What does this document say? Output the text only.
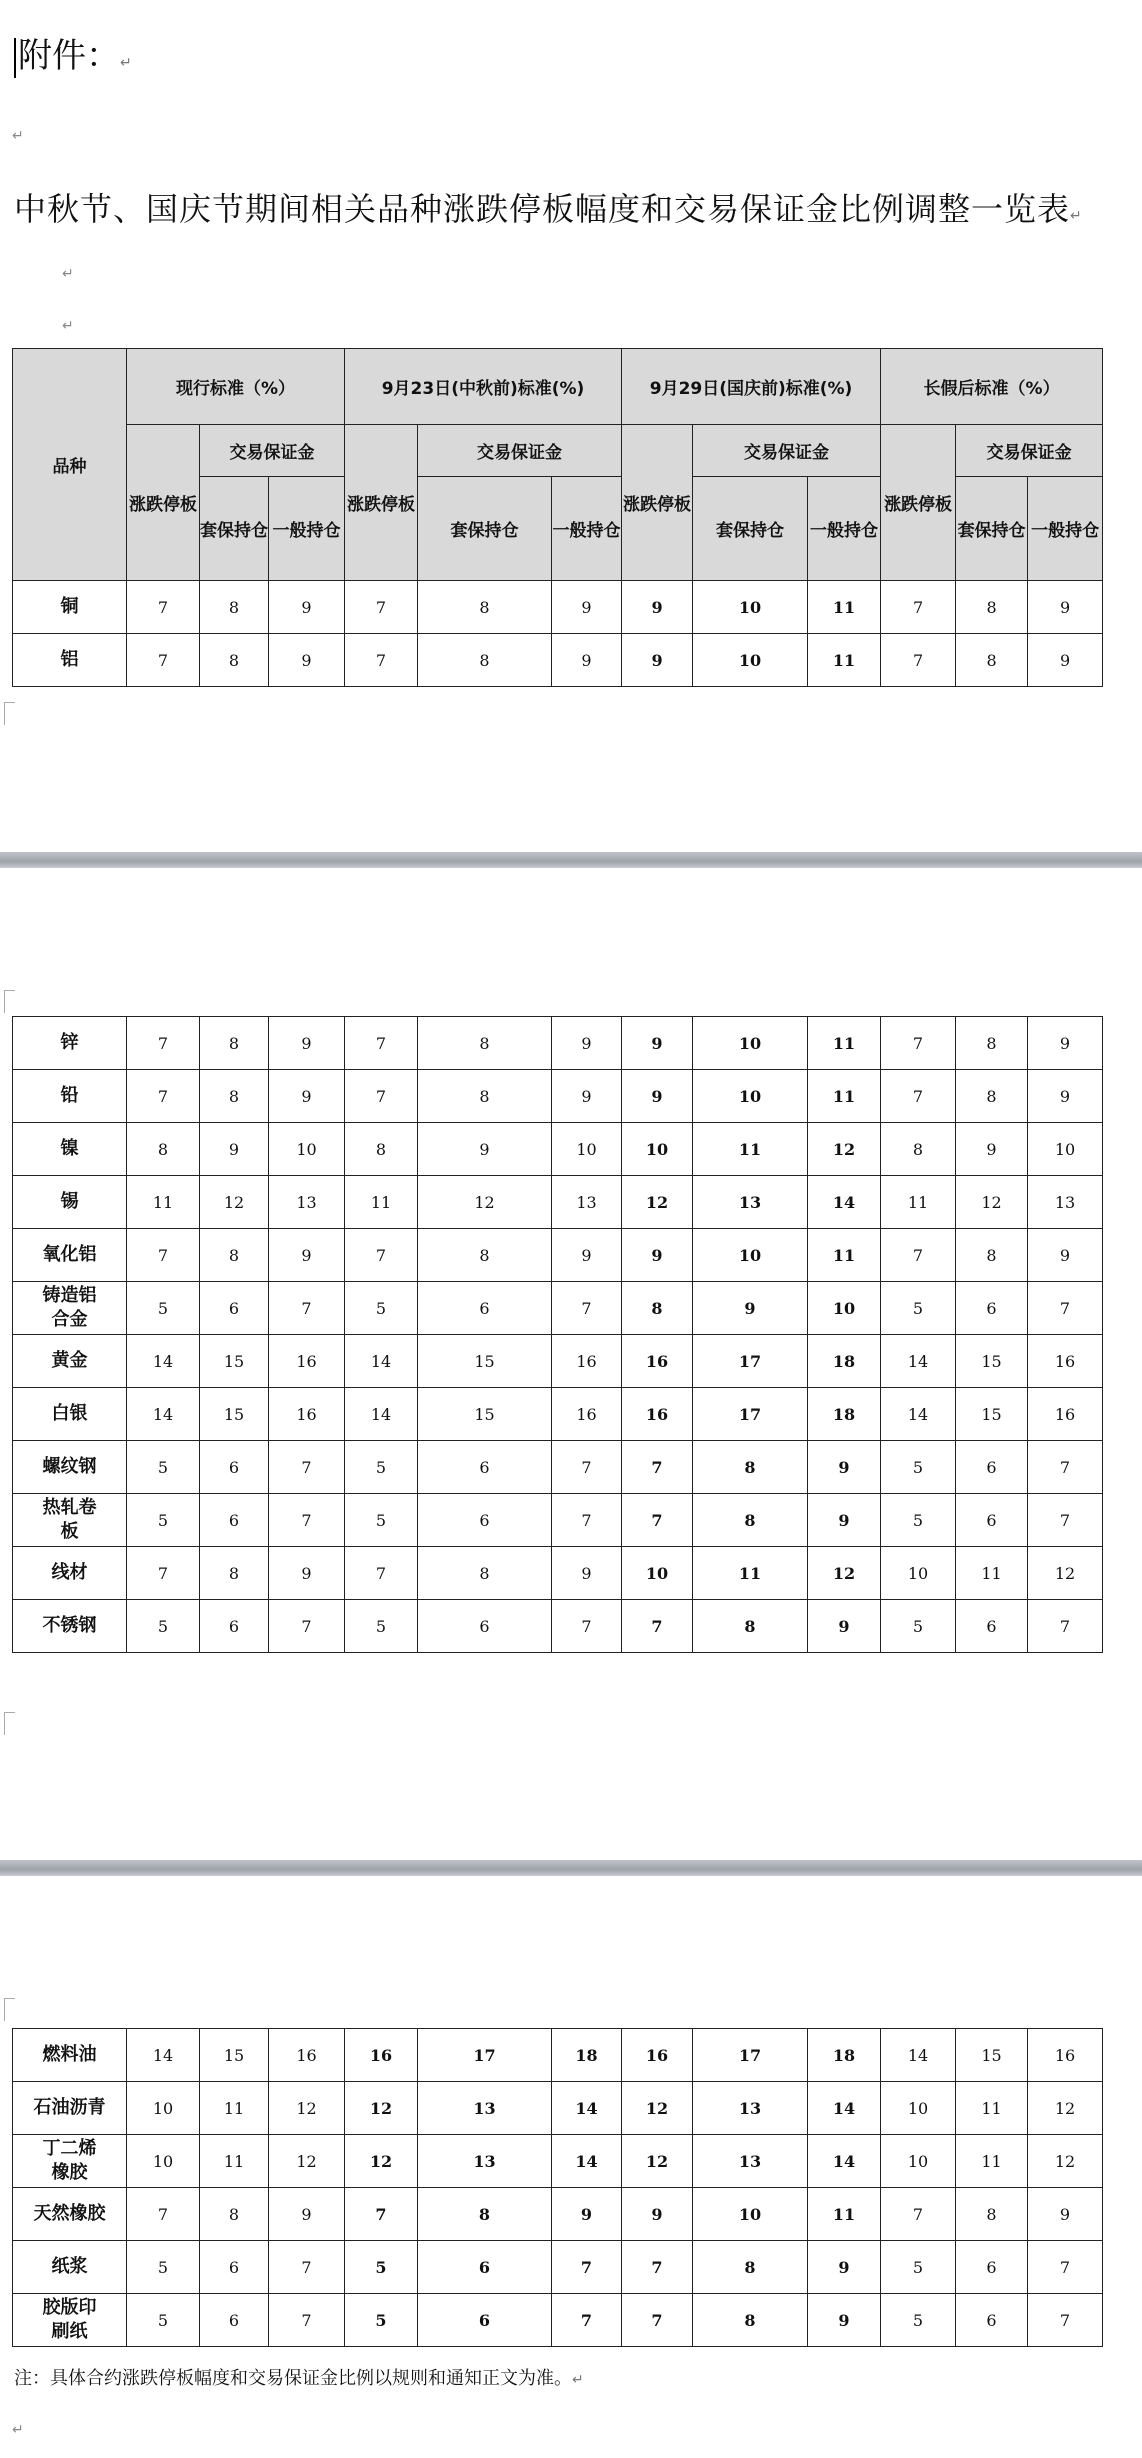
附件：↵
↵
中秋节、国庆节期间相关品种涨跌停板幅度和交易保证金比例调整一览表↵
↵
↵
品种	现行标准（%）			9月23日(中秋前)标准(%)			9月29日(国庆前)标准(%)			长假后标准（%）		
	涨跌停板	交易保证金		涨跌停板	交易保证金		涨跌停板	交易保证金		涨跌停板	交易保证金	
		套保持仓	一般持仓		套保持仓	一般持仓		套保持仓	一般持仓		套保持仓	一般持仓
铜	7	8	9	7	8	9	9	10	11	7	8	9
铝	7	8	9	7	8	9	9	10	11	7	8	9
锌	7	8	9	7	8	9	9	10	11	7	8	9
铅	7	8	9	7	8	9	9	10	11	7	8	9
镍	8	9	10	8	9	10	10	11	12	8	9	10
锡	11	12	13	11	12	13	12	13	14	11	12	13
氧化铝	7	8	9	7	8	9	9	10	11	7	8	9
铸造铝合金	5	6	7	5	6	7	8	9	10	5	6	7
黄金	14	15	16	14	15	16	16	17	18	14	15	16
白银	14	15	16	14	15	16	16	17	18	14	15	16
螺纹钢	5	6	7	5	6	7	7	8	9	5	6	7
热轧卷板	5	6	7	5	6	7	7	8	9	5	6	7
线材	7	8	9	7	8	9	10	11	12	10	11	12
不锈钢	5	6	7	5	6	7	7	8	9	5	6	7
燃料油	14	15	16	16	17	18	16	17	18	14	15	16
石油沥青	10	11	12	12	13	14	12	13	14	10	11	12
丁二烯橡胶	10	11	12	12	13	14	12	13	14	10	11	12
天然橡胶	7	8	9	7	8	9	9	10	11	7	8	9
纸浆	5	6	7	5	6	7	7	8	9	5	6	7
胶版印刷纸	5	6	7	5	6	7	7	8	9	5	6	7
注：具体合约涨跌停板幅度和交易保证金比例以规则和通知正文为准。↵
↵
